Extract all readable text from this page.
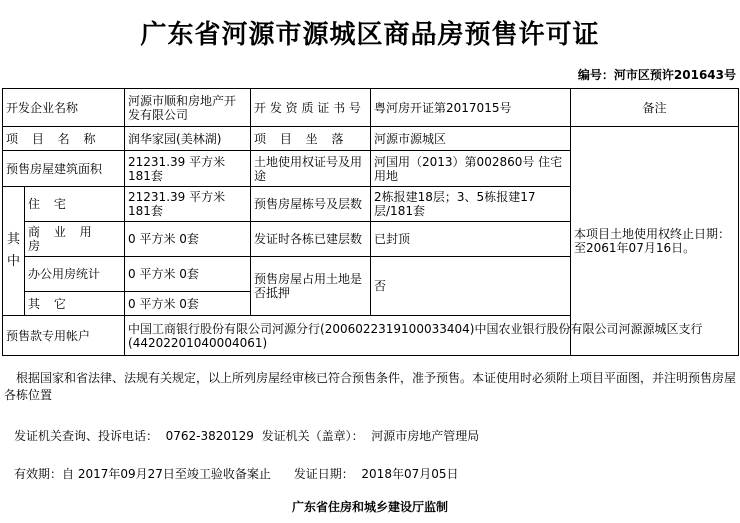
广东省河源市源城区商品房预售许可证
编号：河市区预许201643号
开发企业名称		河源市顺和房地产开发有限公司	开 发 资 质 证 书 号	粤河房开证第2017015号	备注
项 目 名 称		润华家园(美林湖)	项 目 坐 落	河源市源城区	本项目土地使用权终止日期：至2061年07月16日。
预售房屋建筑面积		21231.39 平方米 181套	土地使用权证号及用途	河国用（2013）第002860号 住宅用地	

其
中	住 宅	21231.39 平方米 181套	预售房屋栋号及层数	2栋报建18层；3、5栋报建17层/181套	
	商 业 用 房	0 平方米 0套	发证时各栋已建层数	已封顶	
	办公用房统计	0 平方米 0套	预售房屋占用土地是否抵押	否	
	其 它	0 平方米 0套			
预售款专用帐户		中国工商银行股份有限公司河源分行(2006022319100033404)中国农业银行股份有限公司河源源城区支行(44202201040004061)			
根据国家和省法律、法规有关规定，以上所列房屋经审核已符合预售条件，准予预售。本证使用时必须附上项目平面图，并注明预售房屋各栋位置
发证机关查询、投诉电话：  0762-3820129  发证机关（盖章）：  河源市房地产管理局
有效期：自 2017年09月27日至竣工验收备案止      发证日期：  2018年07月05日
广东省住房和城乡建设厅监制
